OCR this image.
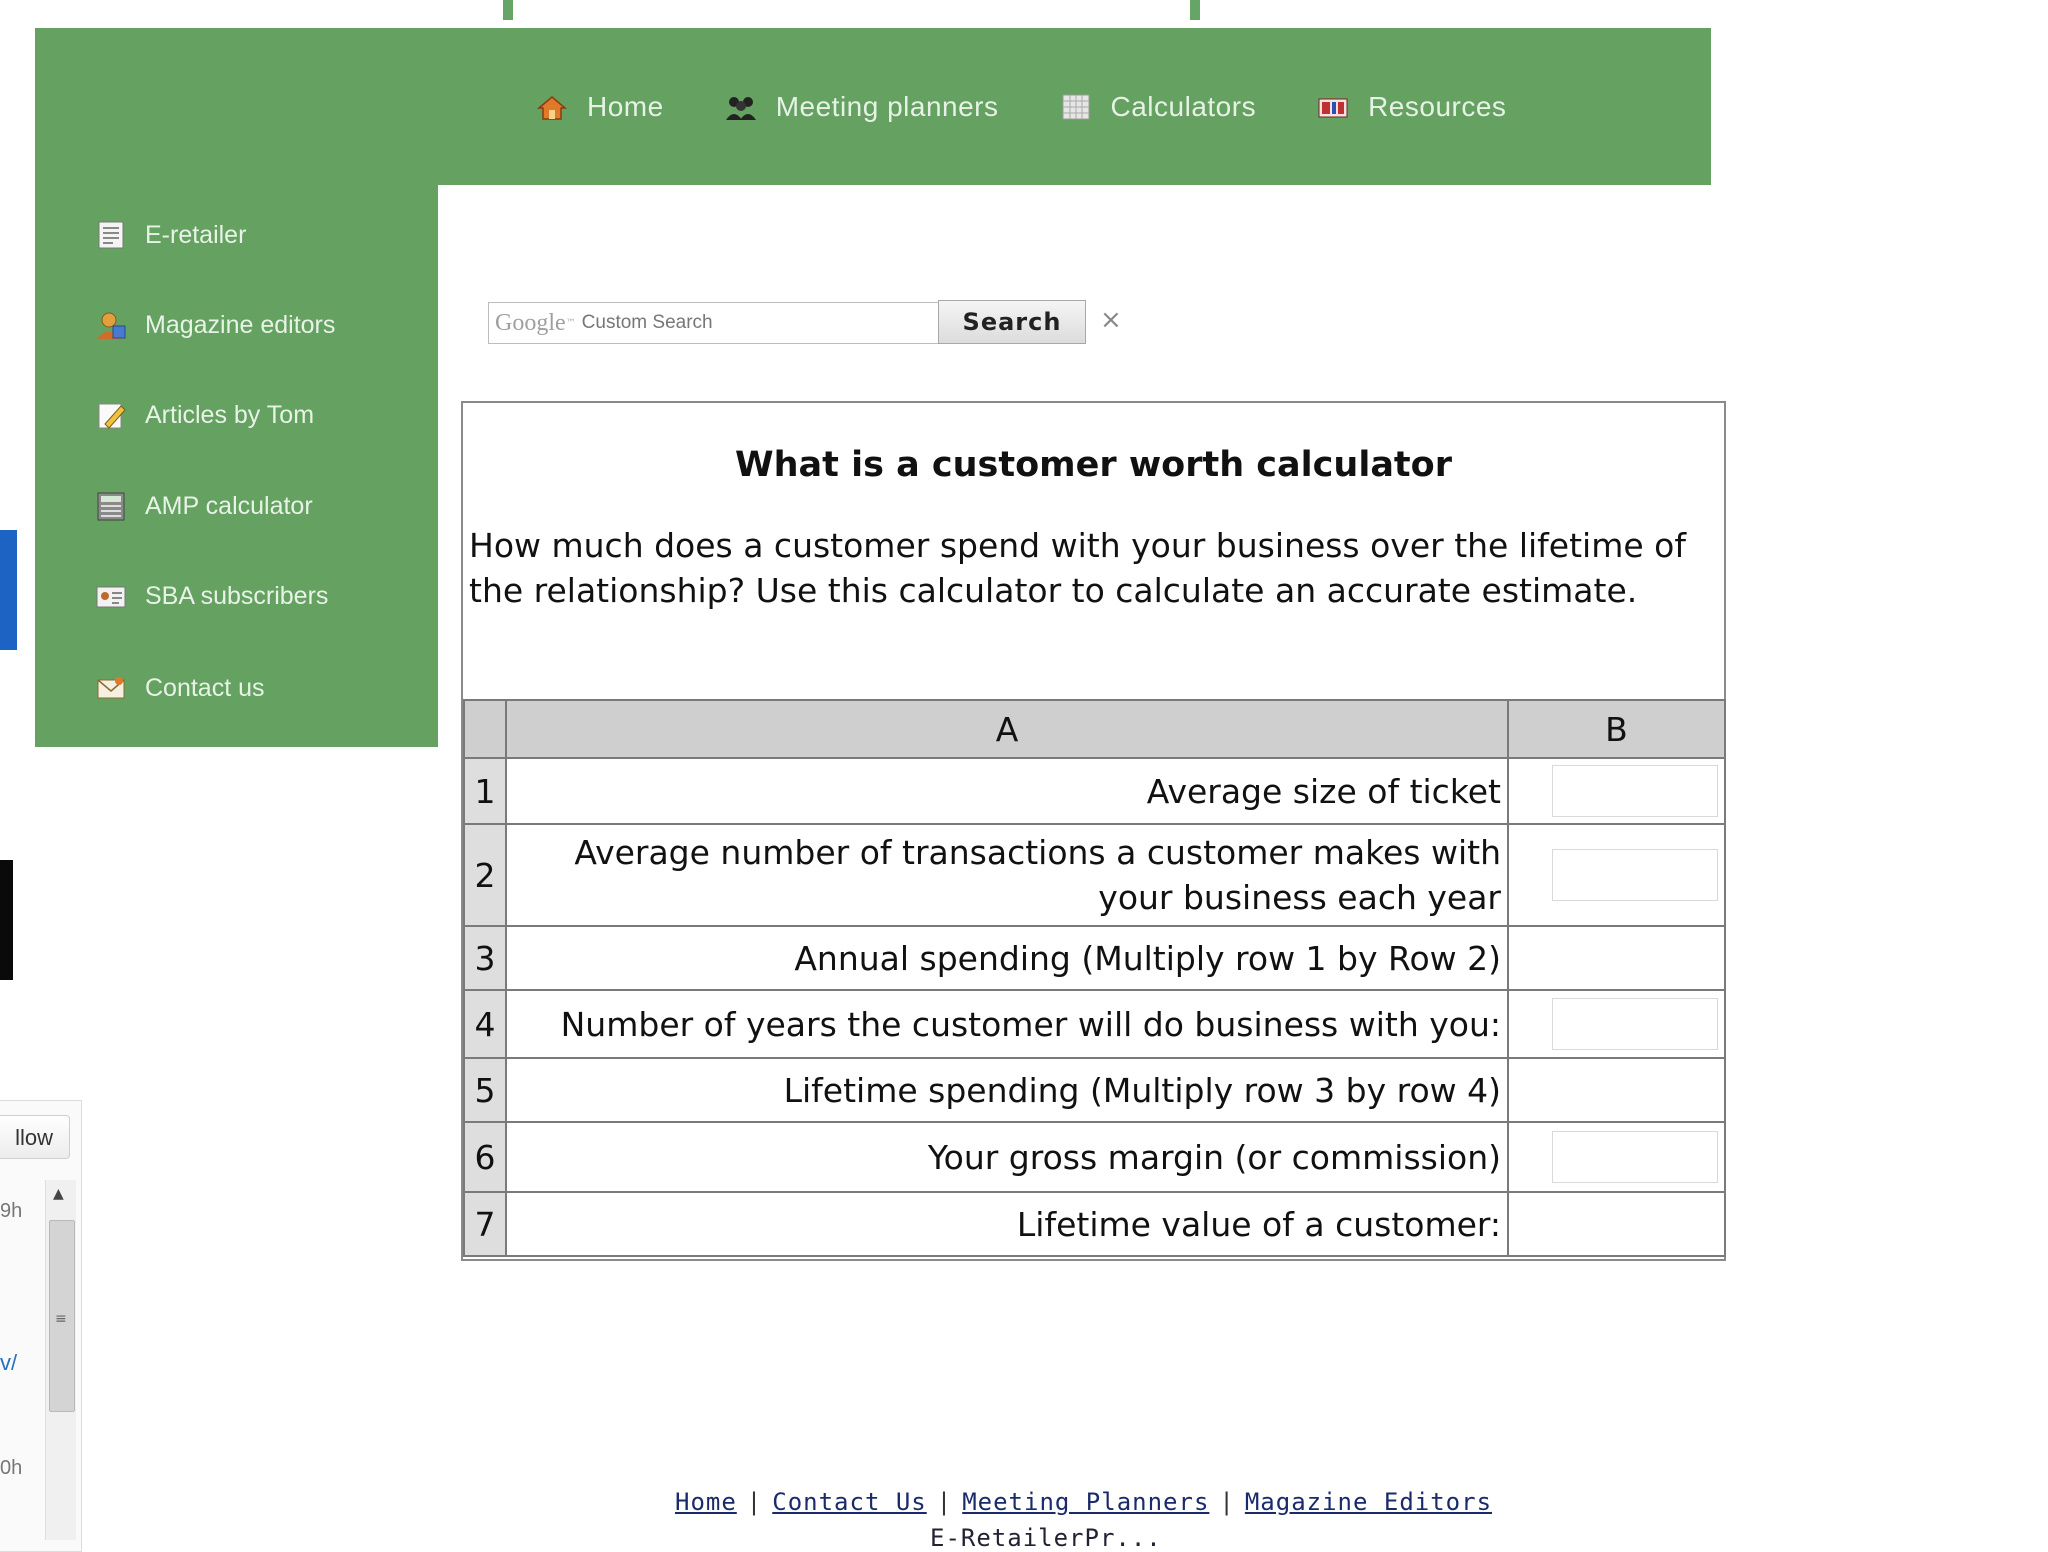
Home	Meeting planners	Calculators	Resources
E-retailer
Magazine editors
Articles by Tom
AMP calculator
SBA subscribers
Contact us
llow
9h
v/
0h
▲
≡
Google ™ Custom Search	Search	×
What is a customer worth calculator
How much does a customer spend with your business over the lifetime of the relationship? Use this calculator to calculate an accurate estimate.
	A	B
1	Average size of ticket	

2	Average number of transactions a customer makes with your business each year	

3	Annual spending (Multiply row 1 by Row 2)	
4	Number of years the customer will do business with you:	

5	Lifetime spending (Multiply row 3 by row 4)	
6	Your gross margin (or commission)	

7	Lifetime value of a customer:	
Home | Contact Us | Meeting Planners | Magazine Editors
E-RetailerPr...
